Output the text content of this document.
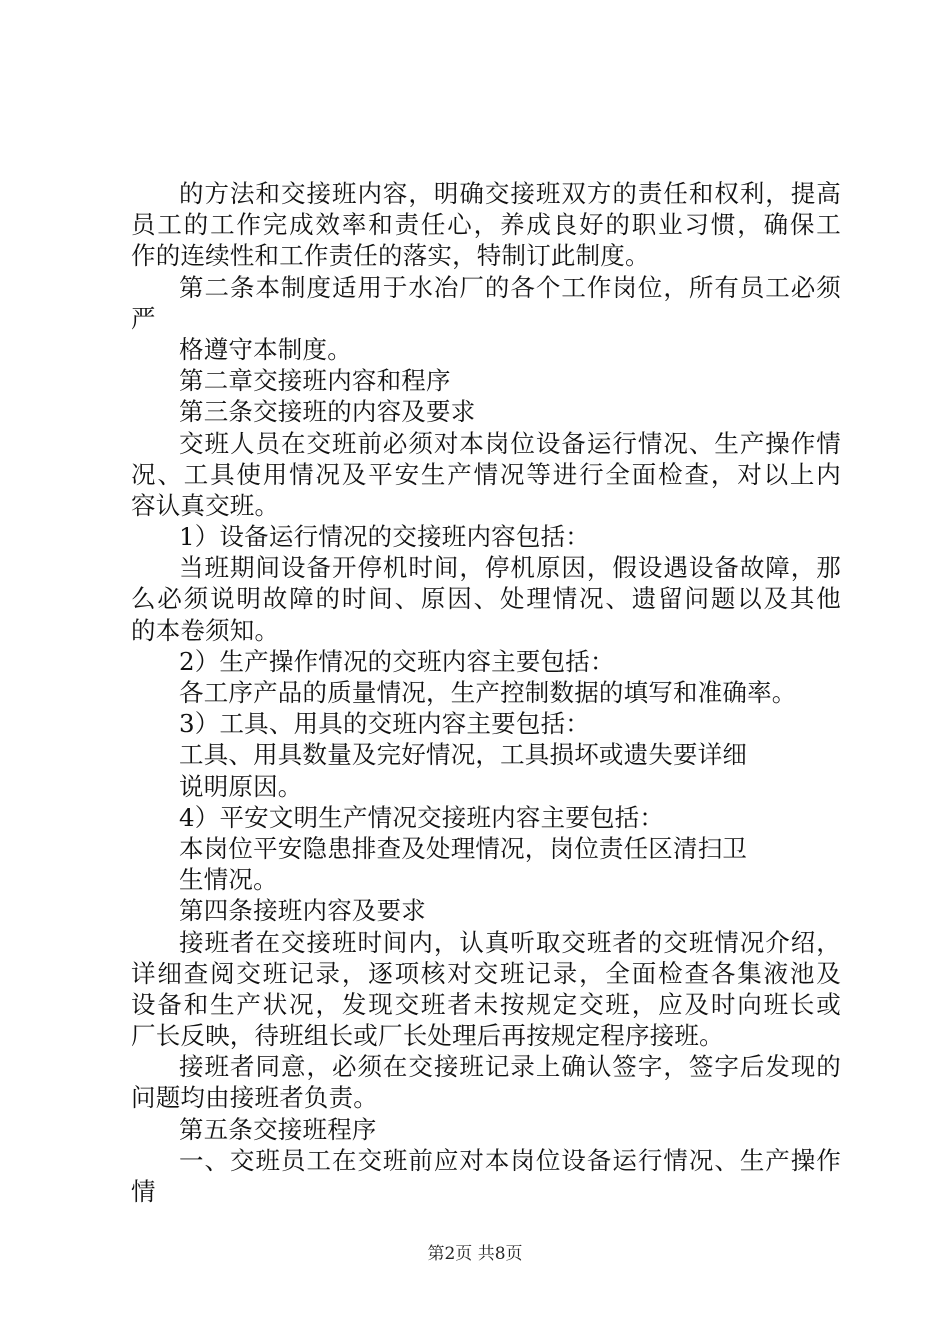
的方法和交接班内容，明确交接班双方的责任和权利，提高
员工的工作完成效率和责任心，养成良好的职业习惯，确保工
作的连续性和工作责任的落实，特制订此制度。
第二条本制度适用于水冶厂的各个工作岗位，所有员工必须
严
格遵守本制度。
第二章交接班内容和程序
第三条交接班的内容及要求
交班人员在交班前必须对本岗位设备运行情况、生产操作情
况、工具使用情况及平安生产情况等进行全面检查，对以上内
容认真交班。
1）设备运行情况的交接班内容包括：
当班期间设备开停机时间，停机原因，假设遇设备故障，那
么必须说明故障的时间、原因、处理情况、遗留问题以及其他
的本卷须知。
2）生产操作情况的交班内容主要包括：
各工序产品的质量情况，生产控制数据的填写和准确率。
3）工具、用具的交班内容主要包括：
工具、用具数量及完好情况，工具损坏或遗失要详细
说明原因。
4）平安文明生产情况交接班内容主要包括：
本岗位平安隐患排查及处理情况，岗位责任区清扫卫
生情况。
第四条接班内容及要求
接班者在交接班时间内，认真听取交班者的交班情况介绍，
详细查阅交班记录，逐项核对交班记录，全面检查各集液池及
设备和生产状况，发现交班者未按规定交班，应及时向班长或
厂长反映，待班组长或厂长处理后再按规定程序接班。
接班者同意，必须在交接班记录上确认签字，签字后发现的
问题均由接班者负责。
第五条交接班程序
一、交班员工在交班前应对本岗位设备运行情况、生产操作
情
第2页 共8页
